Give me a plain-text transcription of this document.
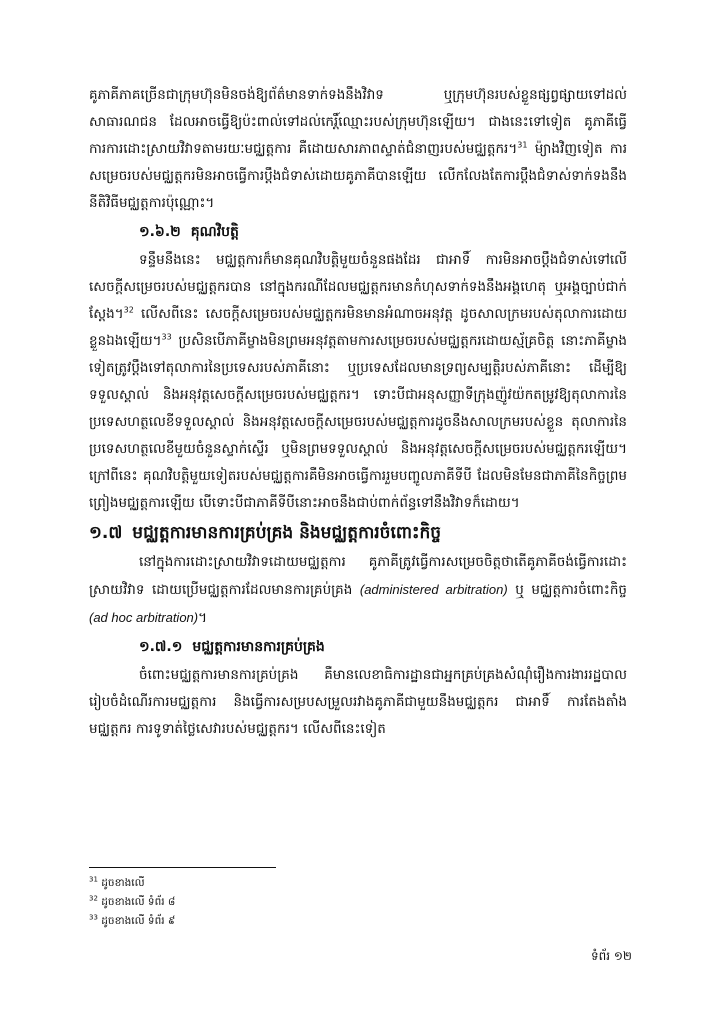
គូភាគីភាគច្រើនជាក្រុមហ៊ុនមិនចង់ឱ្យព័ត៌មានទាក់ទងនឹងវិវាទ ឬក្រុមហ៊ុនរបស់ខ្លួនផ្សព្វផ្សាយទៅដល់សាធារណជន ដែលអាចធ្វើឱ្យប៉ះពាល់ទៅដល់កេរ្តិ៍ឈ្មោះរបស់ក្រុមហ៊ុនឡើយ។ ជាងនេះទៅទៀត គូភាគីធ្វើការការដោះស្រាយវិវាទតាមរយៈមជ្ឈត្តការ គឺដោយសារភាពស្ទាត់ជំនាញរបស់មជ្ឈត្តករ។$^{31}$ ម៉្យាងវិញទៀត ការសម្រេចរបស់មជ្ឈត្តករមិនអាចធ្វើការប្តឹងជំទាស់ដោយគូភាគីបានឡើយ លើកលែងតែការប្តឹងជំទាស់ទាក់ទងនឹងនីតិវិធីមជ្ឈត្តការប៉ុណ្ណោះ។

១.៦.២ គុណវិបត្តិ

ទន្ទឹមនឹងនេះ មជ្ឈត្តការក៏មានគុណវិបត្តិមួយចំនួនផងដែរ ជាអាទិ៍ ការមិនអាចប្តឹងជំទាស់ទៅលើសេចក្តីសម្រេចរបស់មជ្ឈត្តករបាន នៅក្នុងករណីដែលមជ្ឈត្តករមានកំហុសទាក់ទងនឹងអង្គហេតុ ឬអង្គច្បាប់ជាក់ស្តែង។$^{32}$ លើសពីនេះ សេចក្តីសម្រេចរបស់មជ្ឈត្តករមិនមានអំណាចអនុវត្ត ដូចសាលក្រមរបស់តុលាការដោយខ្លួនឯងឡើយ។$^{33}$ ប្រសិនបើភាគីម្ខាងមិនព្រមអនុវត្តតាមការសម្រេចរបស់មជ្ឈត្តករដោយស្ម័គ្រចិត្ត នោះភាគីម្ខាងទៀតត្រូវប្តឹងទៅតុលាការនៃប្រទេសរបស់ភាគីនោះ ឬប្រទេសដែលមានទ្រព្យសម្បត្តិរបស់ភាគីនោះ ដើម្បីឱ្យទទួលស្គាល់ និងអនុវត្តសេចក្តីសម្រេចរបស់មជ្ឈត្តករ។ ទោះបីជាអនុសញ្ញាទីក្រុងញ៉ូវយ៉កតម្រូវឱ្យតុលាការនៃប្រទេសហត្ថលេខីទទួលស្គាល់ និងអនុវត្តសេចក្តីសម្រេចរបស់មជ្ឈត្តការដូចនឹងសាលក្រមរបស់ខ្លួន តុលាការនៃប្រទេសហត្ថលេខីមួយចំនួនស្ទាក់ស្ទើរ ឬមិនព្រមទទួលស្គាល់ និងអនុវត្តសេចក្តីសម្រេចរបស់មជ្ឈត្តករឡើយ។ ក្រៅពីនេះ គុណវិបត្តិមួយទៀតរបស់មជ្ឈត្តការគឺមិនអាចធ្វើការរួមបញ្ចូលភាគីទីបី ដែលមិនមែនជាភាគីនៃកិច្ចព្រមព្រៀងមជ្ឈត្តការឡើយ បើទោះបីជាភាគីទីបីនោះអាចនឹងជាប់ពាក់ព័ន្ធទៅនឹងវិវាទក៏ដោយ។

១.៧ មជ្ឈត្តការមានការគ្រប់គ្រង និងមជ្ឈត្តការចំពោះកិច្ច

នៅក្នុងការដោះស្រាយវិវាទដោយមជ្ឈត្តការ គូភាគីត្រូវធ្វើការសម្រេចចិត្តថាតើគូភាគីចង់ធ្វើការដោះស្រាយវិវាទ ដោយប្រើមជ្ឈត្តការដែលមានការគ្រប់គ្រង (administered arbitration) ឬ មជ្ឈត្តការចំពោះកិច្ច (ad hoc arbitration)។

១.៧.១ មជ្ឈត្តការមានការគ្រប់គ្រង

ចំពោះមជ្ឈត្តការមានការគ្រប់គ្រង គឺមានលេខាធិការដ្ឋានជាអ្នកគ្រប់គ្រងសំណុំរឿងការងាររដ្ឋបាល រៀបចំដំណើរការមជ្ឈត្តការ និងធ្វើការសម្របសម្រួលរវាងគូភាគីជាមួយនឹងមជ្ឈត្តករ ជាអាទិ៍ ការតែងតាំងមជ្ឈត្តករ ការទូទាត់ថ្លៃសេវារបស់មជ្ឈត្តករ។ លើសពីនេះទៀត

$^{31}$ ដូចខាងលើ
$^{32}$ ដូចខាងលើ ទំព័រ ៨
$^{33}$ ដូចខាងលើ ទំព័រ ៩
ទំព័រ ១២
